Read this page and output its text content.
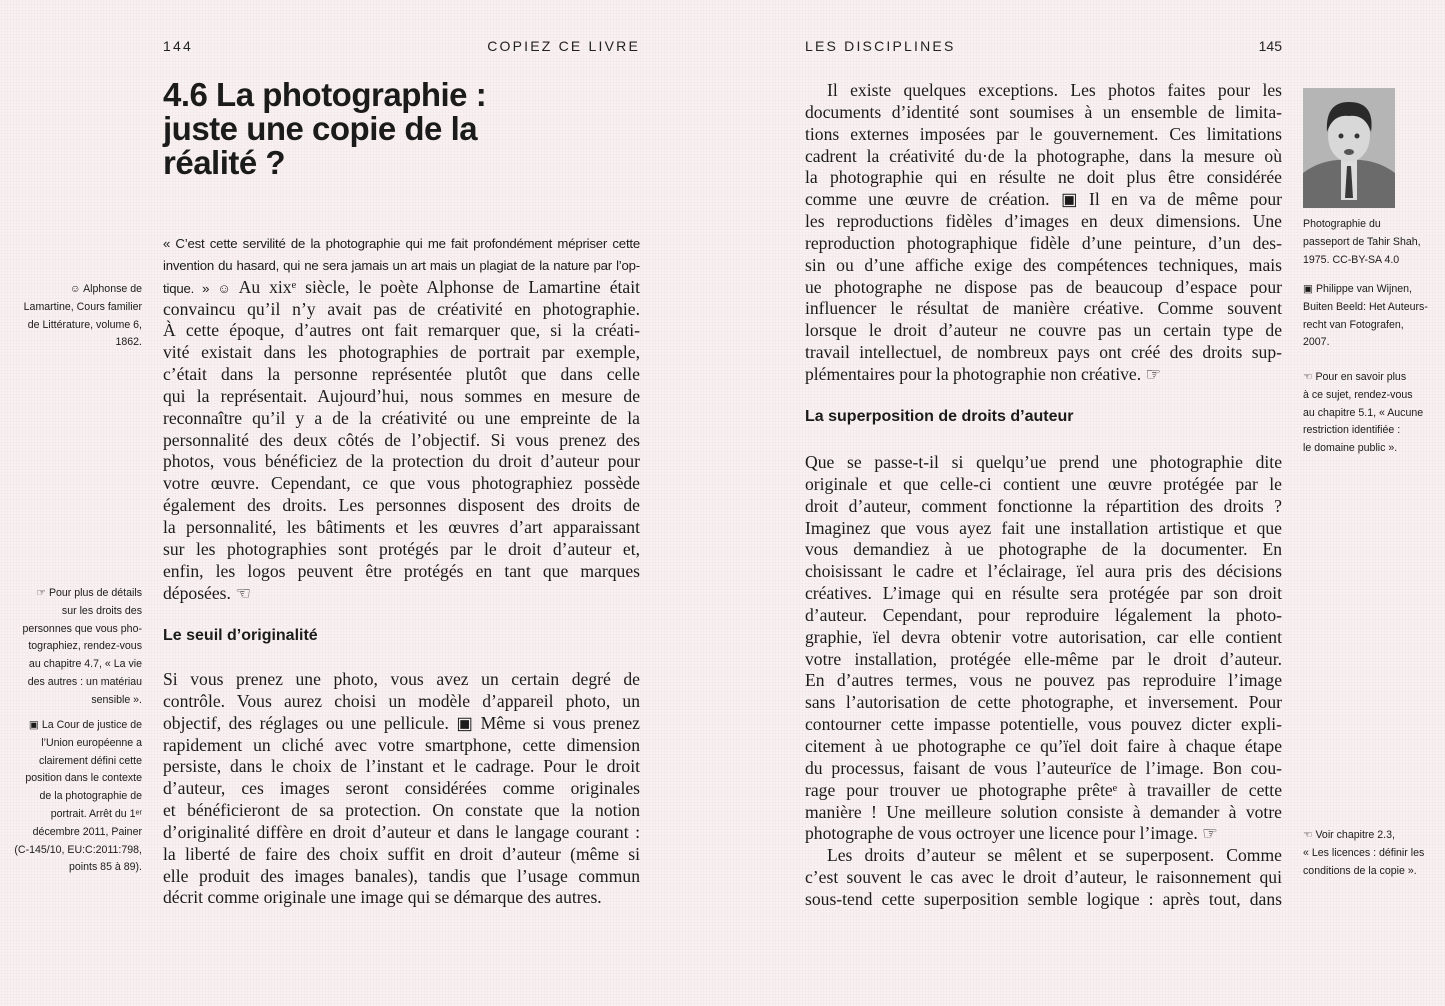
144	COPIEZ CE LIVRE	LES DISCIPLINES	145
4.6 La photographie :
juste une copie de la
réalité ?
« C’est cette servilité de la photographie qui me fait profondément mépriser cette
invention du hasard, qui ne sera jamais un art mais un plagiat de la nature par l’op-
tique. » ☺ Au xixᵉ siècle, le poète Alphonse de Lamartine était
convaincu qu’il n’y avait pas de créativité en photographie.
À cette époque, d’autres ont fait remarquer que, si la créati-
vité existait dans les photographies de portrait par exemple,
c’était dans la personne représentée plutôt que dans celle
qui la représentait. Aujourd’hui, nous sommes en mesure de
reconnaître qu’il y a de la créativité ou une empreinte de la
personnalité des deux côtés de l’objectif. Si vous prenez des
photos, vous bénéficiez de la protection du droit d’auteur pour
votre œuvre. Cependant, ce que vous photographiez possède
également des droits. Les personnes disposent des droits de
la personnalité, les bâtiments et les œuvres d’art apparaissant
sur les photographies sont protégés par le droit d’auteur et,
enfin, les logos peuvent être protégés en tant que marques
déposées. ☜
Le seuil d’originalité
Si vous prenez une photo, vous avez un certain degré de
contrôle. Vous aurez choisi un modèle d’appareil photo, un
objectif, des réglages ou une pellicule. ▣ Même si vous prenez
rapidement un cliché avec votre smartphone, cette dimension
persiste, dans le choix de l’instant et le cadrage. Pour le droit
d’auteur, ces images seront considérées comme originales
et bénéficieront de sa protection. On constate que la notion
d’originalité diffère en droit d’auteur et dans le langage courant :
la liberté de faire des choix suffit en droit d’auteur (même si
elle produit des images banales), tandis que l’usage commun
décrit comme originale une image qui se démarque des autres.
☺ Alphonse de
Lamartine, Cours familier
de Littérature, volume 6,
1862.
☞ Pour plus de détails
sur les droits des
personnes que vous pho-
tographiez, rendez-vous
au chapitre 4.7, « La vie
des autres : un matériau
sensible ».
▣ La Cour de justice de
l’Union européenne a
clairement défini cette
position dans le contexte
de la photographie de
portrait. Arrêt du 1ᵉʳ
décembre 2011, Painer
(C-145/10, EU:C:2011:798,
points 85 à 89).
Il existe quelques exceptions. Les photos faites pour les
documents d’identité sont soumises à un ensemble de limita-
tions externes imposées par le gouvernement. Ces limitations
cadrent la créativité du·de la photographe, dans la mesure où
la photographie qui en résulte ne doit plus être considérée
comme une œuvre de création. ▣ Il en va de même pour
les reproductions fidèles d’images en deux dimensions. Une
reproduction photographique fidèle d’une peinture, d’un des-
sin ou d’une affiche exige des compétences techniques, mais
ue photographe ne dispose pas de beaucoup d’espace pour
influencer le résultat de manière créative. Comme souvent
lorsque le droit d’auteur ne couvre pas un certain type de
travail intellectuel, de nombreux pays ont créé des droits sup-
plémentaires pour la photographie non créative. ☞
La superposition de droits d’auteur
Que se passe-t-il si quelqu’ue prend une photographie dite
originale et que celle-ci contient une œuvre protégée par le
droit d’auteur, comment fonctionne la répartition des droits ?
Imaginez que vous ayez fait une installation artistique et que
vous demandiez à ue photographe de la documenter. En
choisissant le cadre et l’éclairage, ïel aura pris des décisions
créatives. L’image qui en résulte sera protégée par son droit
d’auteur. Cependant, pour reproduire légalement la photo-
graphie, ïel devra obtenir votre autorisation, car elle contient
votre installation, protégée elle-même par le droit d’auteur.
En d’autres termes, vous ne pouvez pas reproduire l’image
sans l’autorisation de cette photographe, et inversement. Pour
contourner cette impasse potentielle, vous pouvez dicter expli-
citement à ue photographe ce qu’ïel doit faire à chaque étape
du processus, faisant de vous l’auteurïce de l’image. Bon cou-
rage pour trouver ue photographe prêteᵉ à travailler de cette
manière ! Une meilleure solution consiste à demander à votre
photographe de vous octroyer une licence pour l’image. ☞
Les droits d’auteur se mêlent et se superposent. Comme
c’est souvent le cas avec le droit d’auteur, le raisonnement qui
sous-tend cette superposition semble logique : après tout, dans
Photographie du
passeport de Tahir Shah,
1975. CC-BY-SA 4.0
▣ Philippe van Wijnen,
Buiten Beeld: Het Auteurs-
recht van Fotografen,
2007.
☜ Pour en savoir plus
à ce sujet, rendez-vous
au chapitre 5.1, « Aucune
restriction identifiée :
le domaine public ».
☜ Voir chapitre 2.3,
« Les licences : définir les
conditions de la copie ».
